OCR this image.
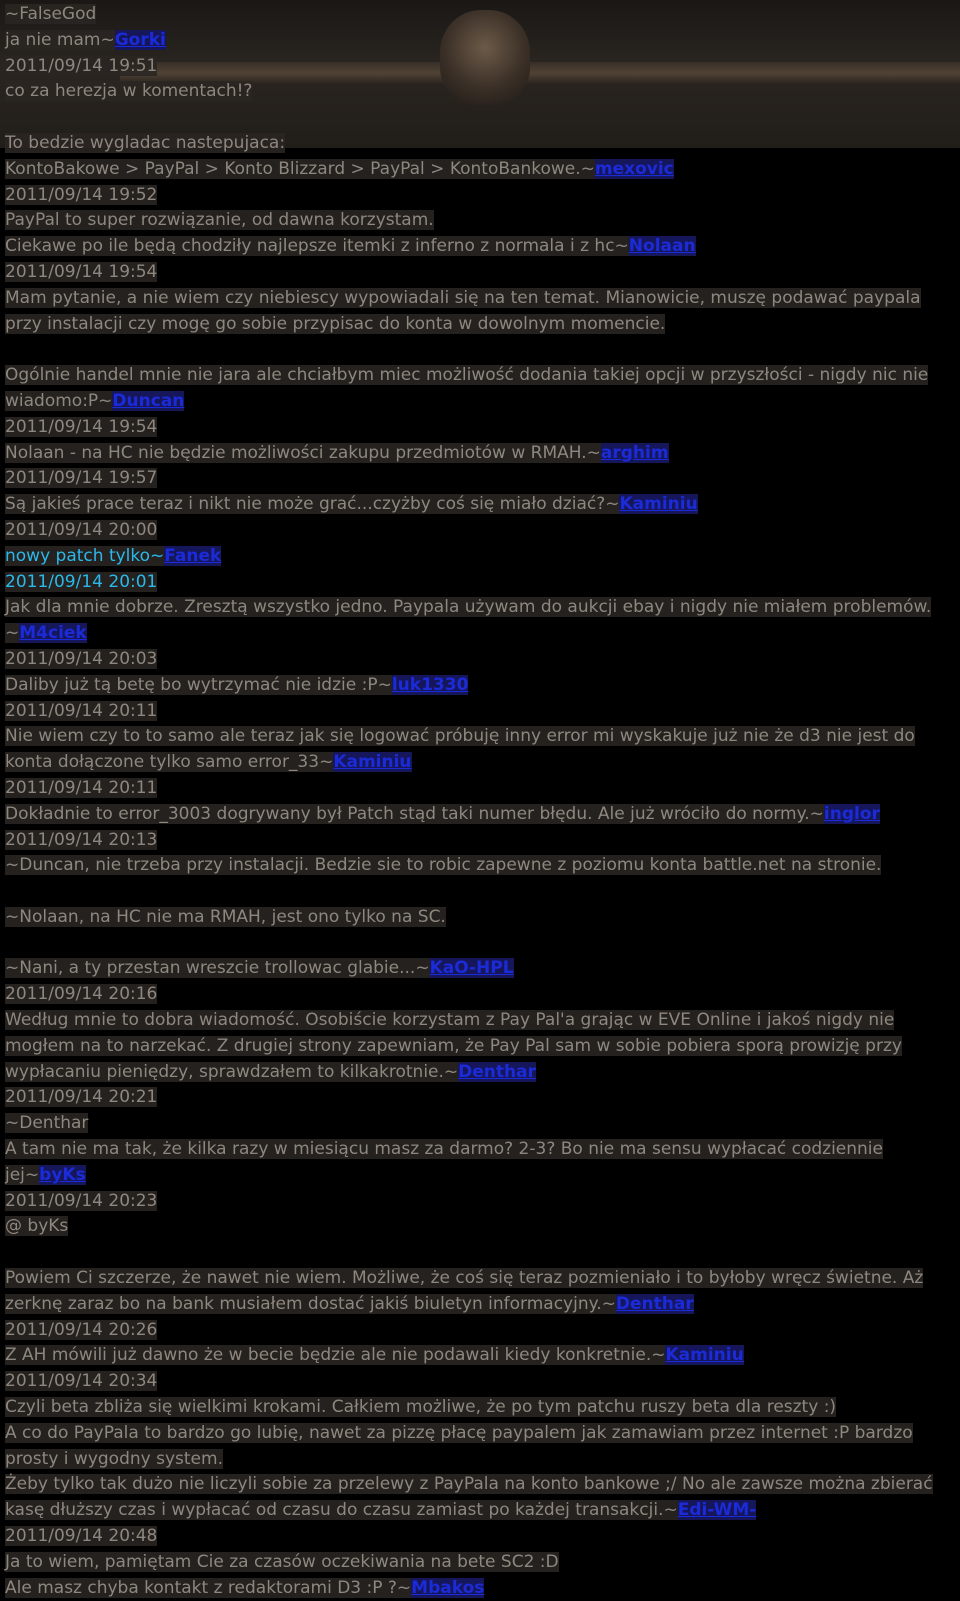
~FalseGod
ja nie mam~Gorki
2011/09/14 19:51
co za herezja w komentach!?
To bedzie wygladac nastepujaca:
KontoBakowe > PayPal > Konto Blizzard > PayPal > KontoBankowe.~mexovic
2011/09/14 19:52
PayPal to super rozwiązanie, od dawna korzystam.
Ciekawe po ile będą chodziły najlepsze itemki z inferno z normala i z hc~Nolaan
2011/09/14 19:54
Mam pytanie, a nie wiem czy niebiescy wypowiadali się na ten temat. Mianowicie, muszę podawać paypala przy instalacji czy mogę go sobie przypisac do konta w dowolnym momencie.
Ogólnie handel mnie nie jara ale chciałbym miec możliwość dodania takiej opcji w przyszłości - nigdy nic nie wiadomo:P~Duncan
2011/09/14 19:54
Nolaan - na HC nie będzie możliwości zakupu przedmiotów w RMAH.~arghim
2011/09/14 19:57
Są jakieś prace teraz i nikt nie może grać...czyżby coś się miało dziać?~Kaminiu
2011/09/14 20:00
nowy patch tylko~Fanek
2011/09/14 20:01
Jak dla mnie dobrze. Zresztą wszystko jedno. Paypala używam do aukcji ebay i nigdy nie miałem problemów. ~M4ciek
2011/09/14 20:03
Daliby już tą betę bo wytrzymać nie idzie :P~luk1330
2011/09/14 20:11
Nie wiem czy to to samo ale teraz jak się logować próbuję inny error mi wyskakuje już nie że d3 nie jest do konta dołączone tylko samo error_33~Kaminiu
2011/09/14 20:11
Dokładnie to error_3003 dogrywany był Patch stąd taki numer błędu. Ale już wróciło do normy.~inglor
2011/09/14 20:13
~Duncan, nie trzeba przy instalacji. Bedzie sie to robic zapewne z poziomu konta battle.net na stronie.
~Nolaan, na HC nie ma RMAH, jest ono tylko na SC.
~Nani, a ty przestan wreszcie trollowac glabie...~KaO-HPL
2011/09/14 20:16
Według mnie to dobra wiadomość. Osobiście korzystam z Pay Pal'a grając w EVE Online i jakoś nigdy nie mogłem na to narzekać. Z drugiej strony zapewniam, że Pay Pal sam w sobie pobiera sporą prowizję przy wypłacaniu pieniędzy, sprawdzałem to kilkakrotnie.~Denthar
2011/09/14 20:21
~Denthar
A tam nie ma tak, że kilka razy w miesiącu masz za darmo? 2-3? Bo nie ma sensu wypłacać codziennie jej~byKs
2011/09/14 20:23
@ byKs
Powiem Ci szczerze, że nawet nie wiem. Możliwe, że coś się teraz pozmieniało i to byłoby wręcz świetne. Aż zerknę zaraz bo na bank musiałem dostać jakiś biuletyn informacyjny.~Denthar
2011/09/14 20:26
Z AH mówili już dawno że w becie będzie ale nie podawali kiedy konkretnie.~Kaminiu
2011/09/14 20:34
Czyli beta zbliża się wielkimi krokami. Całkiem możliwe, że po tym patchu ruszy beta dla reszty :)
A co do PayPala to bardzo go lubię, nawet za pizzę płacę paypalem jak zamawiam przez internet :P bardzo prosty i wygodny system.
Żeby tylko tak dużo nie liczyli sobie za przelewy z PayPala na konto bankowe ;/ No ale zawsze można zbierać kasę dłuższy czas i wypłacać od czasu do czasu zamiast po każdej transakcji.~Edi-WM-
2011/09/14 20:48
Ja to wiem, pamiętam Cie za czasów oczekiwania na bete SC2 :D
Ale masz chyba kontakt z redaktorami D3 :P ?~Mbakos
